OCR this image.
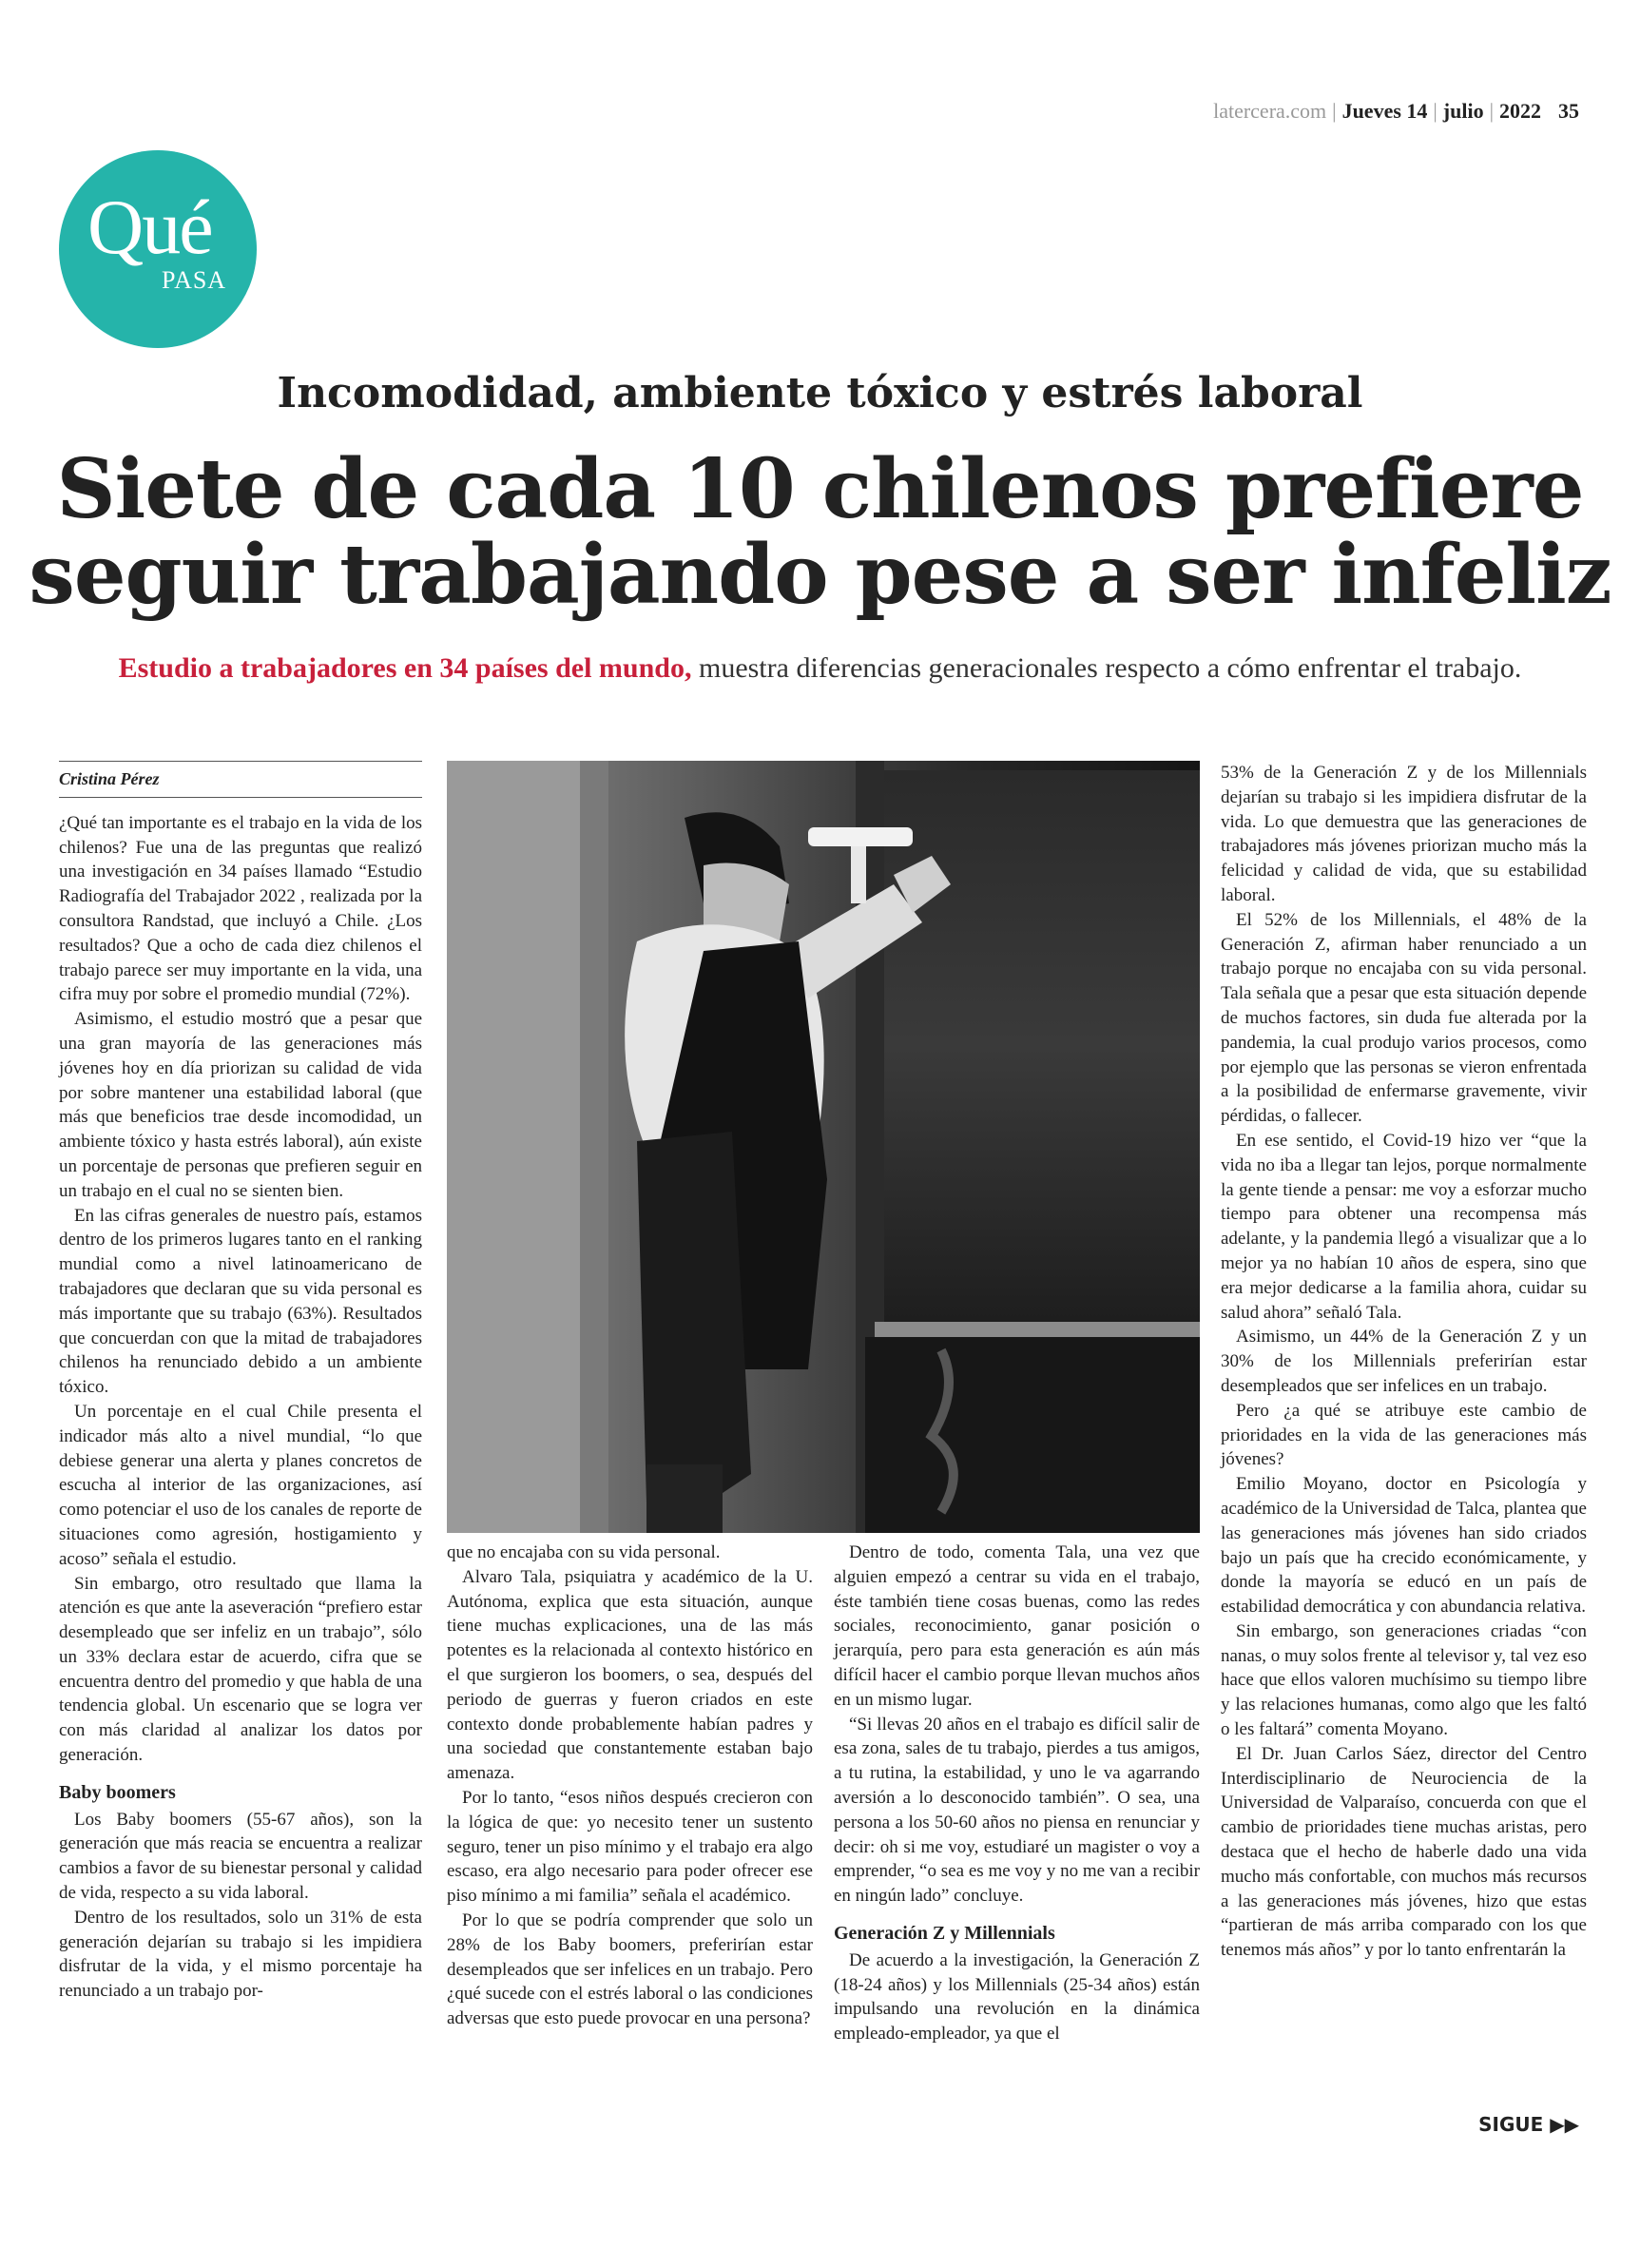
latercera.com | Jueves 14 | julio | 2022 35
Qué
PASA
Incomodidad, ambiente tóxico y estrés laboral
Siete de cada 10 chilenos prefiere
seguir trabajando pese a ser infeliz
Estudio a trabajadores en 34 países del mundo, muestra diferencias generacionales respecto a cómo enfrentar el trabajo.
Cristina Pérez

¿Qué tan importante es el trabajo en la vida de los chilenos? Fue una de las preguntas que realizó una investigación en 34 países llamado “Estudio Radiografía del Trabajador 2022 , realizada por la consultora Randstad, que incluyó a Chile. ¿Los resultados? Que a ocho de cada diez chilenos el trabajo parece ser muy importante en la vida, una cifra muy por sobre el promedio mundial (72%).

Asimismo, el estudio mostró que a pesar que una gran mayoría de las generaciones más jóvenes hoy en día priorizan su calidad de vida por sobre mantener una estabilidad laboral (que más que beneficios trae desde incomodidad, un ambiente tóxico y hasta estrés laboral), aún existe un porcentaje de personas que prefieren seguir en un trabajo en el cual no se sienten bien.

En las cifras generales de nuestro país, estamos dentro de los primeros lugares tanto en el ranking mundial como a nivel latinoamericano de trabajadores que declaran que su vida personal es más importante que su trabajo (63%). Resultados que concuerdan con que la mitad de trabajadores chilenos ha renunciado debido a un ambiente tóxico.

Un porcentaje en el cual Chile presenta el indicador más alto a nivel mundial, “lo que debiese generar una alerta y planes concretos de escucha al interior de las organizaciones, así como potenciar el uso de los canales de reporte de situaciones como agresión, hostigamiento y acoso” señala el estudio.

Sin embargo, otro resultado que llama la atención es que ante la aseveración “prefiero estar desempleado que ser infeliz en un trabajo”, sólo un 33% declara estar de acuerdo, cifra que se encuentra dentro del promedio y que habla de una tendencia global. Un escenario que se logra ver con más claridad al analizar los datos por generación.

Baby boomers

Los Baby boomers (55-67 años), son la generación que más reacia se encuentra a realizar cambios a favor de su bienestar personal y calidad de vida, respecto a su vida laboral.

Dentro de los resultados, solo un 31% de esta generación dejarían su trabajo si les impidiera disfrutar de la vida, y el mismo porcentaje ha renunciado a un trabajo por-

que no encajaba con su vida personal.

Alvaro Tala, psiquiatra y académico de la U. Autónoma, explica que esta situación, aunque tiene muchas explicaciones, una de las más potentes es la relacionada al contexto histórico en el que surgieron los boomers, o sea, después del periodo de guerras y fueron criados en este contexto donde probablemente habían padres y una sociedad que constantemente estaban bajo amenaza.

Por lo tanto, “esos niños después crecieron con la lógica de que: yo necesito tener un sustento seguro, tener un piso mínimo y el trabajo era algo escaso, era algo necesario para poder ofrecer ese piso mínimo a mi familia” señala el académico.

Por lo que se podría comprender que solo un 28% de los Baby boomers, preferirían estar desempleados que ser infelices en un trabajo. Pero ¿qué sucede con el estrés laboral o las condiciones adversas que esto puede provocar en una persona?

Dentro de todo, comenta Tala, una vez que alguien empezó a centrar su vida en el trabajo, éste también tiene cosas buenas, como las redes sociales, reconocimiento, ganar posición o jerarquía, pero para esta generación es aún más difícil hacer el cambio porque llevan muchos años en un mismo lugar.

“Si llevas 20 años en el trabajo es difícil salir de esa zona, sales de tu trabajo, pierdes a tus amigos, a tu rutina, la estabilidad, y uno le va agarrando aversión a lo desconocido también”. O sea, una persona a los 50-60 años no piensa en renunciar y decir: oh si me voy, estudiaré un magister o voy a emprender, “o sea es me voy y no me van a recibir en ningún lado” concluye.

Generación Z y Millennials

De acuerdo a la investigación, la Generación Z (18-24 años) y los Millennials (25-34 años) están impulsando una revolución en la dinámica empleado-empleador, ya que el

53% de la Generación Z y de los Millennials dejarían su trabajo si les impidiera disfrutar de la vida. Lo que demuestra que las generaciones de trabajadores más jóvenes priorizan mucho más la felicidad y calidad de vida, que su estabilidad laboral.

El 52% de los Millennials, el 48% de la Generación Z, afirman haber renunciado a un trabajo porque no encajaba con su vida personal. Tala señala que a pesar que esta situación depende de muchos factores, sin duda fue alterada por la pandemia, la cual produjo varios procesos, como por ejemplo que las personas se vieron enfrentada a la posibilidad de enfermarse gravemente, vivir pérdidas, o fallecer.

En ese sentido, el Covid-19 hizo ver “que la vida no iba a llegar tan lejos, porque normalmente la gente tiende a pensar: me voy a esforzar mucho tiempo para obtener una recompensa más adelante, y la pandemia llegó a visualizar que a lo mejor ya no habían 10 años de espera, sino que era mejor dedicarse a la familia ahora, cuidar su salud ahora” señaló Tala.

Asimismo, un 44% de la Generación Z y un 30% de los Millennials preferirían estar desempleados que ser infelices en un trabajo.

Pero ¿a qué se atribuye este cambio de prioridades en la vida de las generaciones más jóvenes?

Emilio Moyano, doctor en Psicología y académico de la Universidad de Talca, plantea que las generaciones más jóvenes han sido criados bajo un país que ha crecido económicamente, y donde la mayoría se educó en un país de estabilidad democrática y con abundancia relativa.

Sin embargo, son generaciones criadas “con nanas, o muy solos frente al televisor y, tal vez eso hace que ellos valoren muchísimo su tiempo libre y las relaciones humanas, como algo que les faltó o les faltará” comenta Moyano.

El Dr. Juan Carlos Sáez, director del Centro Interdisciplinario de Neurociencia de la Universidad de Valparaíso, concuerda con que el cambio de prioridades tiene muchas aristas, pero destaca que el hecho de haberle dado una vida mucho más confortable, con muchos más recursos a las generaciones más jóvenes, hizo que estas “partieran de más arriba comparado con los que tenemos más años” y por lo tanto enfrentarán la

SIGUE ▶▶
